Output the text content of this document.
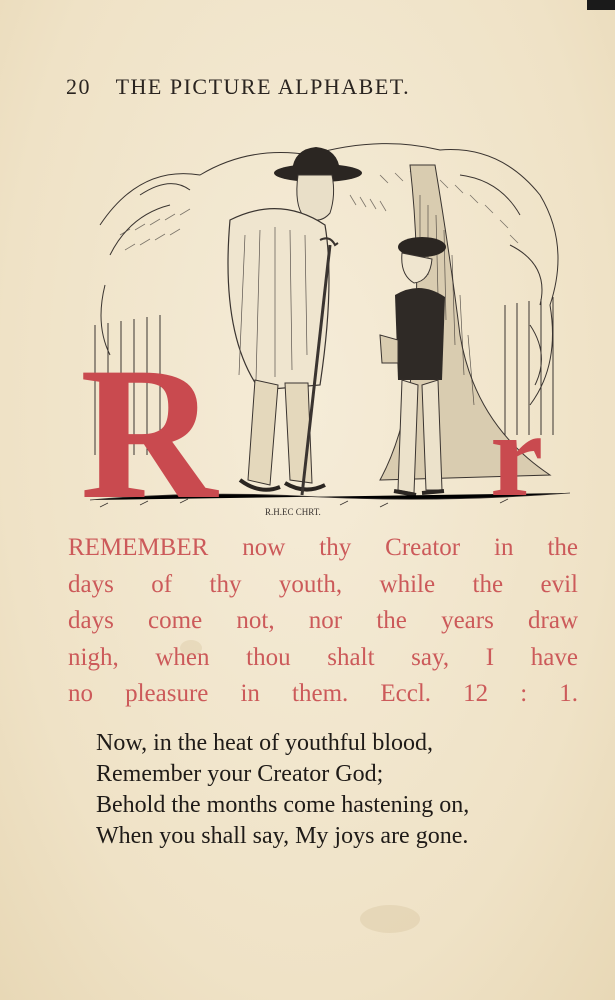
20 THE PICTURE ALPHABET.
R r
R.H.EC CHRT.
REMEMBER now thy Creator in the
days of thy youth, while the evil
days come not, nor the years draw
nigh, when thou shalt say, I have
no pleasure in them. Eccl. 12 : 1.
Now, in the heat of youthful blood,
Remember your Creator God;
Behold the months come hastening on,
When you shall say, My joys are gone.
